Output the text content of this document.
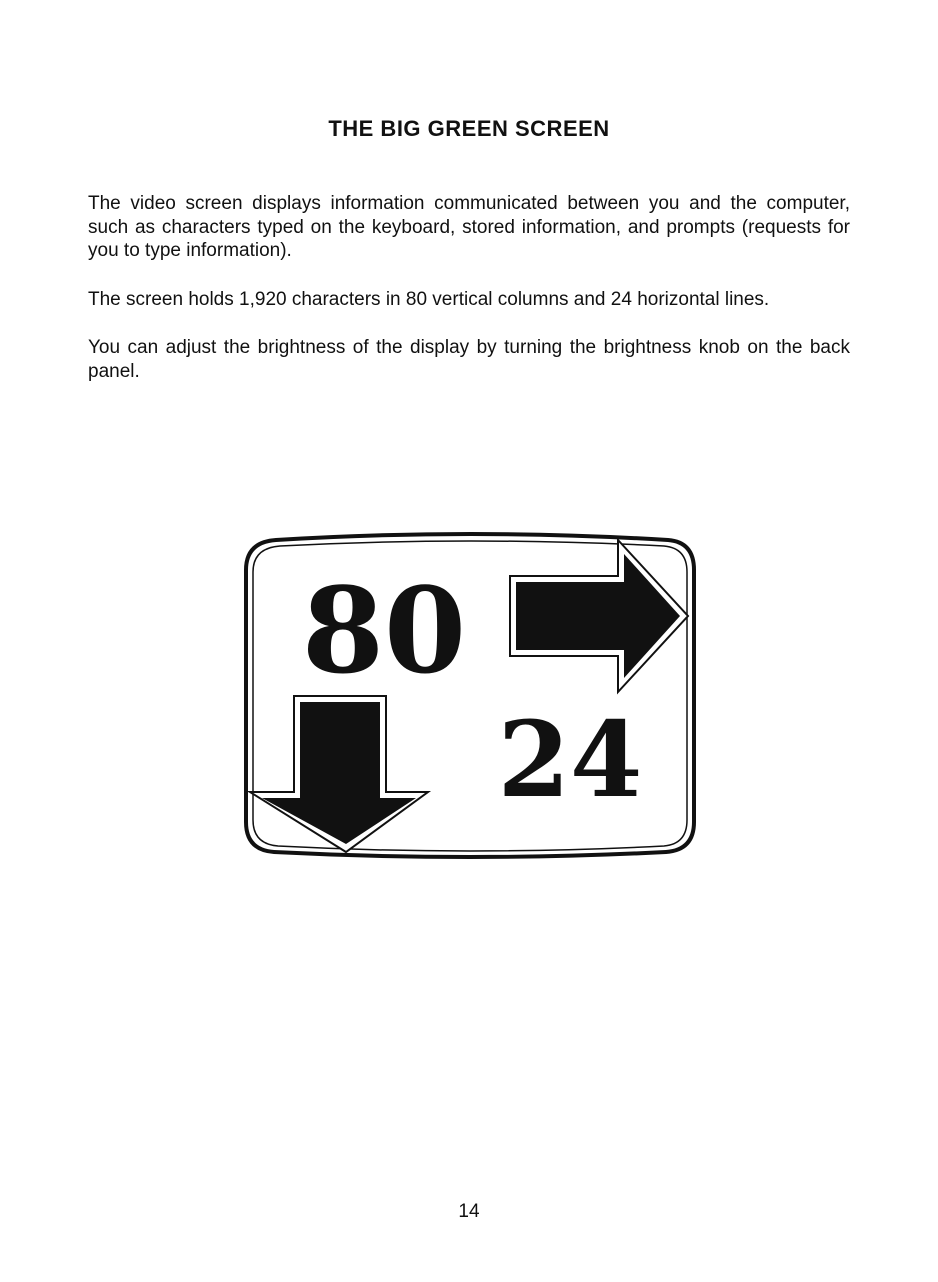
THE BIG GREEN SCREEN

The video screen displays information communicated between you and the computer, such as characters typed on the keyboard, stored information, and prompts (requests for you to type information).

The screen holds 1,920 characters in 80 vertical columns and 24 horizontal lines.

You can adjust the brightness of the display by turning the brightness knob on the back panel.

80
24

14
